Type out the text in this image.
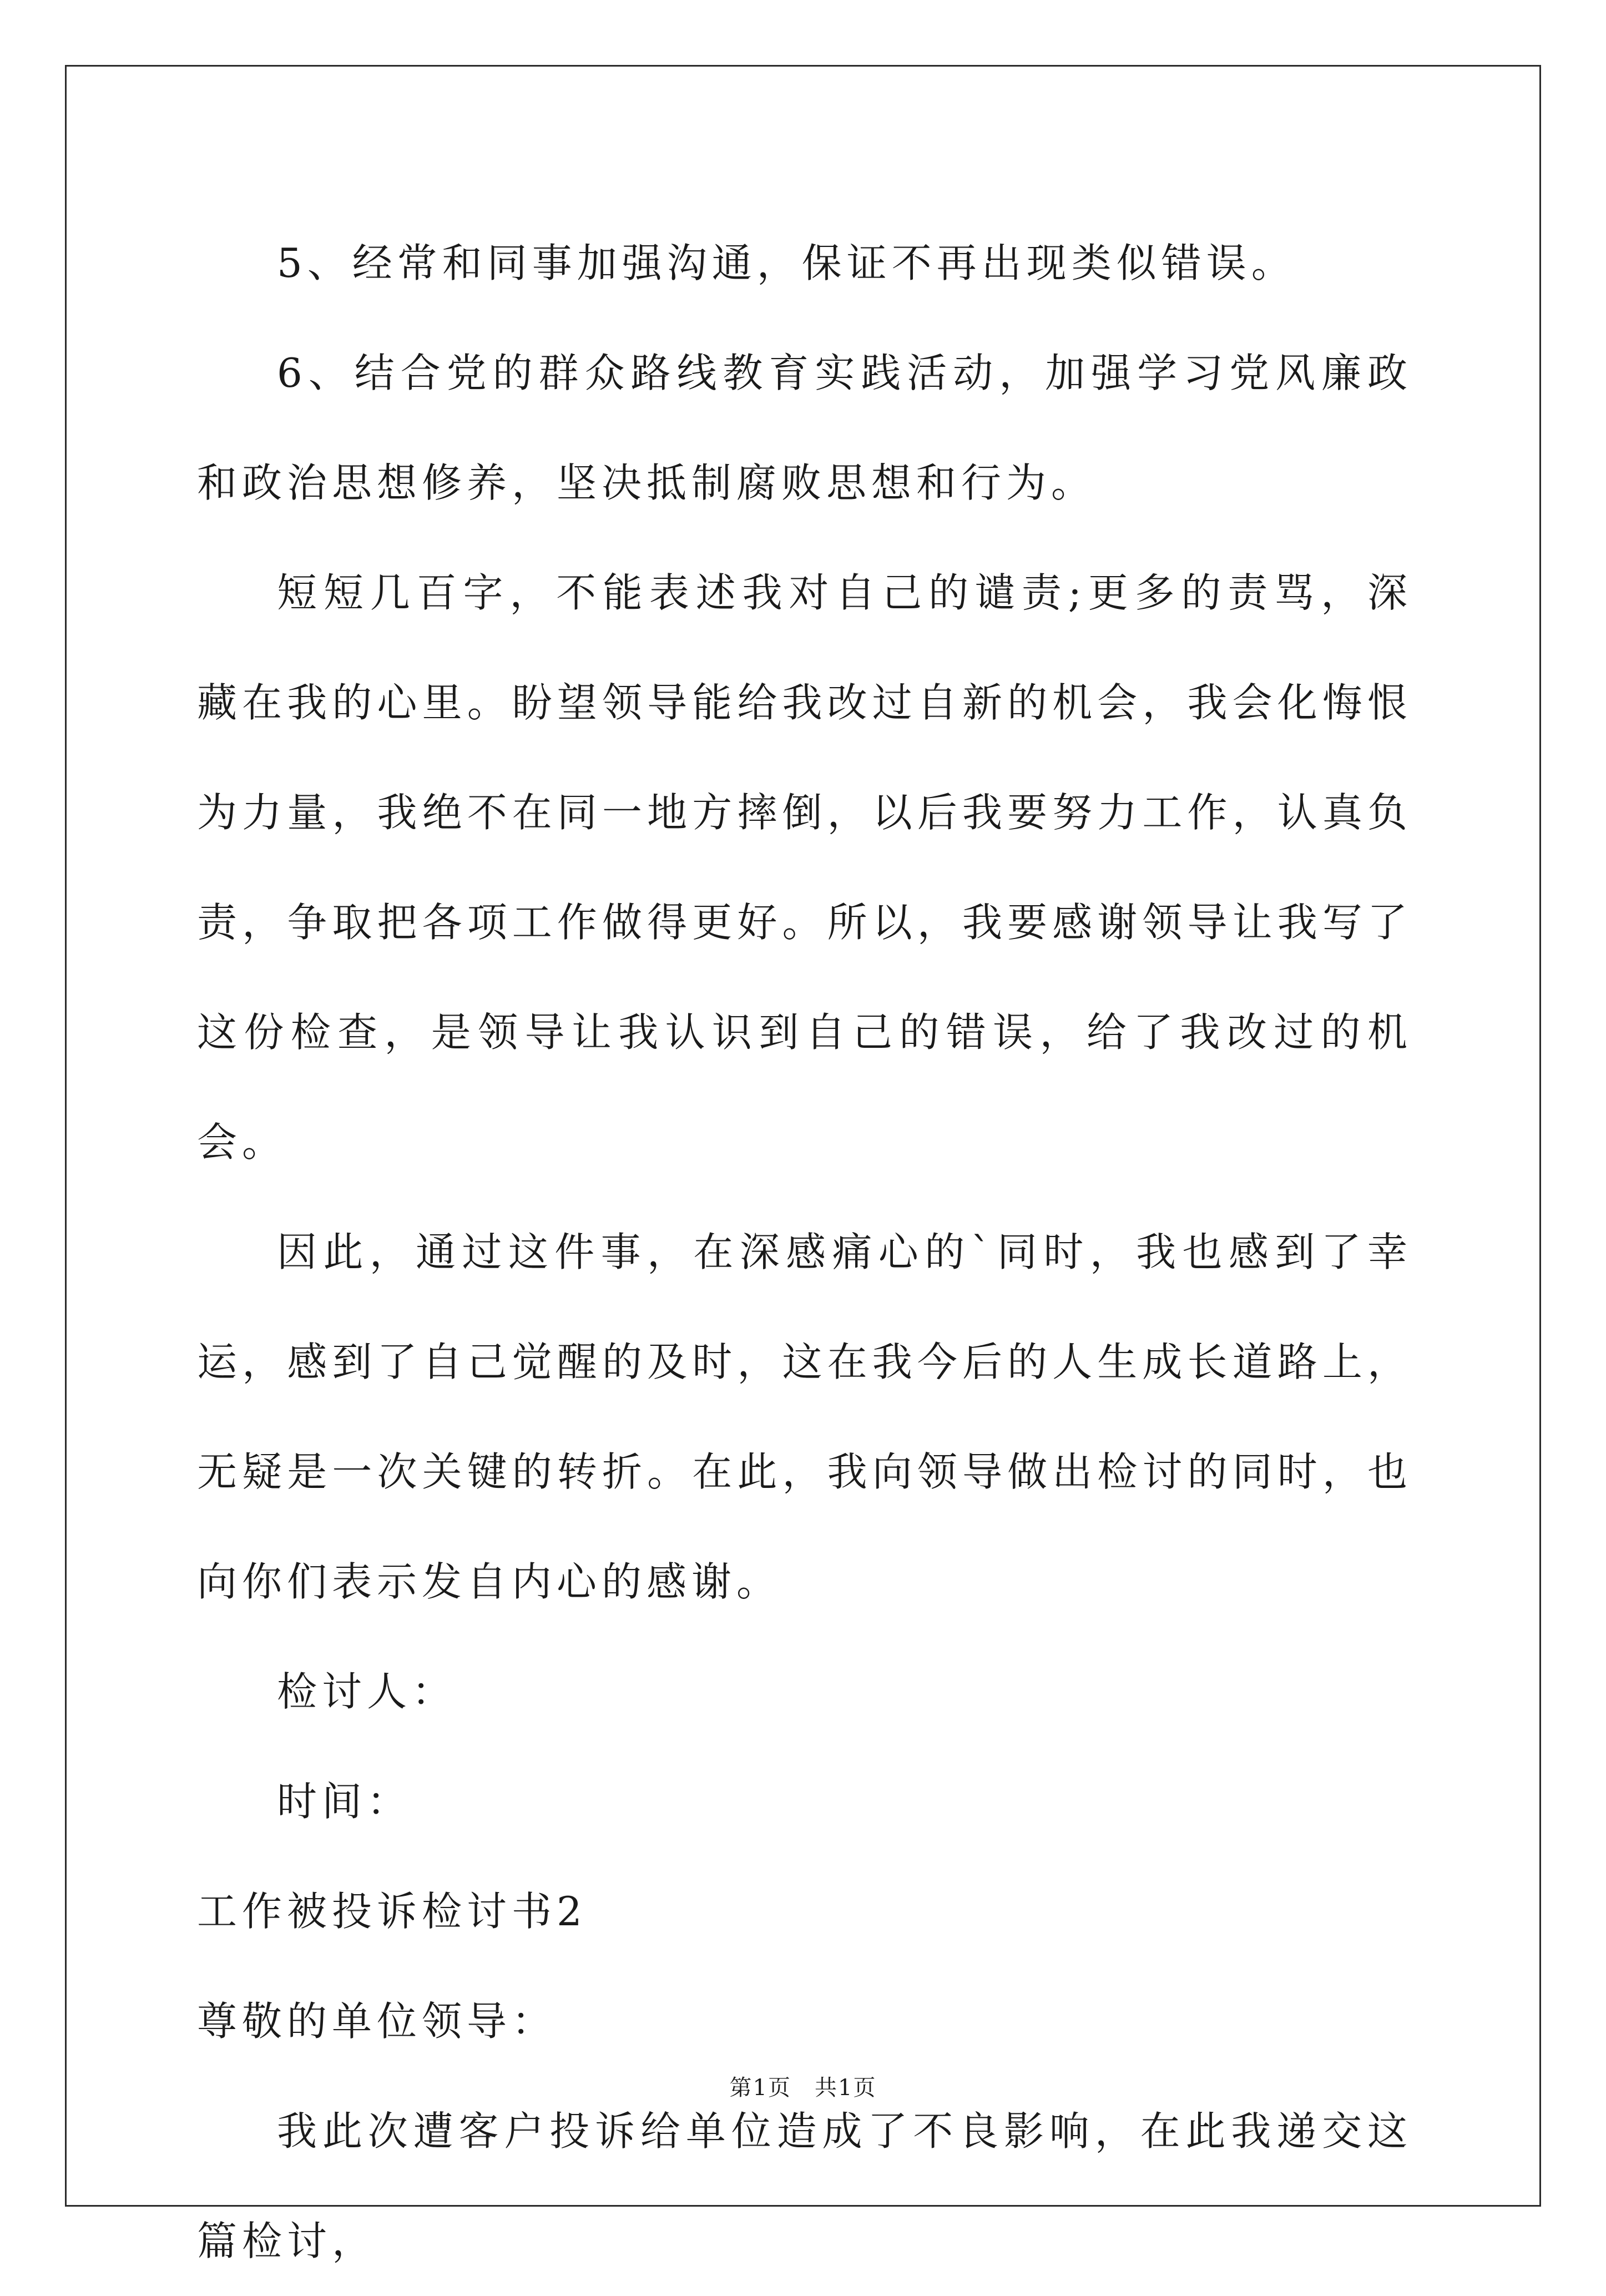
5、经常和同事加强沟通，保证不再出现类似错误。

6、结合党的群众路线教育实践活动，加强学习党风廉政和政治思想修养，坚决抵制腐败思想和行为。

短短几百字，不能表述我对自己的谴责;更多的责骂，深藏在我的心里。盼望领导能给我改过自新的机会，我会化悔恨为力量，我绝不在同一地方摔倒，以后我要努力工作，认真负责，争取把各项工作做得更好。所以，我要感谢领导让我写了这份检查，是领导让我认识到自己的错误，给了我改过的机会。

因此，通过这件事，在深感痛心的`同时，我也感到了幸运，感到了自己觉醒的及时，这在我今后的人生成长道路上，无疑是一次关键的转折。在此，我向领导做出检讨的同时，也向你们表示发自内心的感谢。

检讨人：

时间：

工作被投诉检讨书2

尊敬的单位领导：

我此次遭客户投诉给单位造成了不良影响，在此我递交这篇检讨，

第1页　共1页
